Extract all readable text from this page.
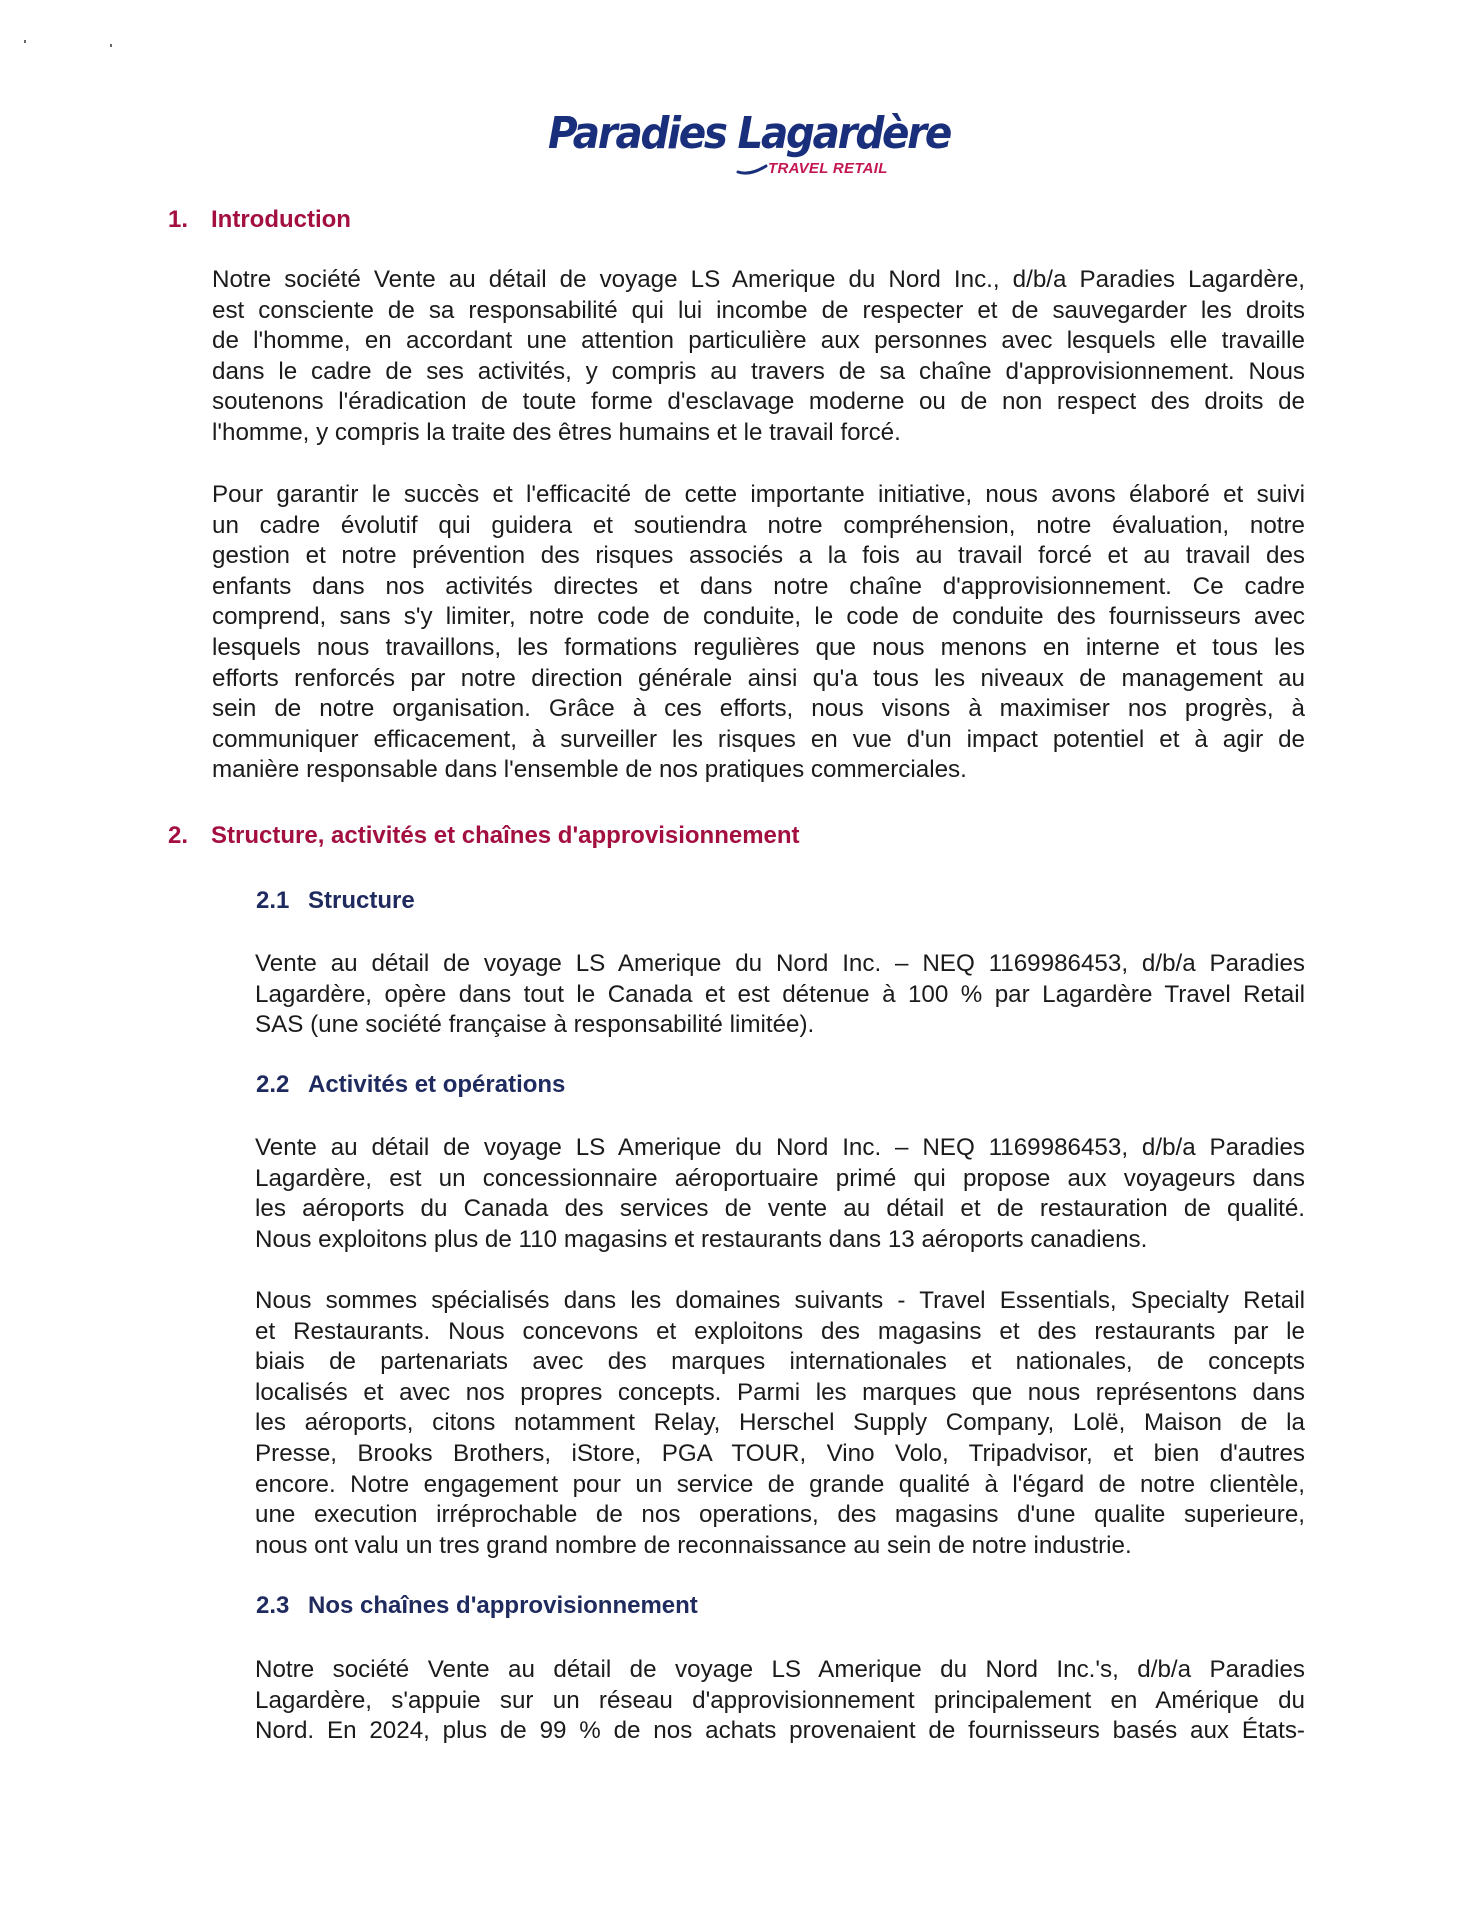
Paradies Lagardère
TRAVEL RETAIL
1. Introduction
Notre société Vente au détail de voyage LS Amerique du Nord Inc., d/b/a Paradies Lagardère,
est consciente de sa responsabilité qui lui incombe de respecter et de sauvegarder les droits
de l'homme, en accordant une attention particulière aux personnes avec lesquels elle travaille
dans le cadre de ses activités, y compris au travers de sa chaîne d'approvisionnement. Nous
soutenons l'éradication de toute forme d'esclavage moderne ou de non respect des droits de
l'homme, y compris la traite des êtres humains et le travail forcé.
Pour garantir le succès et l'efficacité de cette importante initiative, nous avons élaboré et suivi
un cadre évolutif qui guidera et soutiendra notre compréhension, notre évaluation, notre
gestion et notre prévention des risques associés a la fois au travail forcé et au travail des
enfants dans nos activités directes et dans notre chaîne d'approvisionnement. Ce cadre
comprend, sans s'y limiter, notre code de conduite, le code de conduite des fournisseurs avec
lesquels nous travaillons, les formations regulières que nous menons en interne et tous les
efforts renforcés par notre direction générale ainsi qu'a tous les niveaux de management au
sein de notre organisation. Grâce à ces efforts, nous visons à maximiser nos progrès, à
communiquer efficacement, à surveiller les risques en vue d'un impact potentiel et à agir de
manière responsable dans l'ensemble de nos pratiques commerciales.
2. Structure, activités et chaînes d'approvisionnement
2.1 Structure
Vente au détail de voyage LS Amerique du Nord Inc. – NEQ 1169986453, d/b/a Paradies
Lagardère, opère dans tout le Canada et est détenue à 100 % par Lagardère Travel Retail
SAS (une société française à responsabilité limitée).
2.2 Activités et opérations
Vente au détail de voyage LS Amerique du Nord Inc. – NEQ 1169986453, d/b/a Paradies
Lagardère, est un concessionnaire aéroportuaire primé qui propose aux voyageurs dans
les aéroports du Canada des services de vente au détail et de restauration de qualité.
Nous exploitons plus de 110 magasins et restaurants dans 13 aéroports canadiens.
Nous sommes spécialisés dans les domaines suivants - Travel Essentials, Specialty Retail
et Restaurants. Nous concevons et exploitons des magasins et des restaurants par le
biais de partenariats avec des marques internationales et nationales, de concepts
localisés et avec nos propres concepts. Parmi les marques que nous représentons dans
les aéroports, citons notamment Relay, Herschel Supply Company, Lolë, Maison de la
Presse, Brooks Brothers, iStore, PGA TOUR, Vino Volo, Tripadvisor, et bien d'autres
encore. Notre engagement pour un service de grande qualité à l'égard de notre clientèle,
une execution irréprochable de nos operations, des magasins d'une qualite superieure,
nous ont valu un tres grand nombre de reconnaissance au sein de notre industrie.
2.3 Nos chaînes d'approvisionnement
Notre société Vente au détail de voyage LS Amerique du Nord Inc.'s, d/b/a Paradies
Lagardère, s'appuie sur un réseau d'approvisionnement principalement en Amérique du
Nord. En 2024, plus de 99 % de nos achats provenaient de fournisseurs basés aux États-
